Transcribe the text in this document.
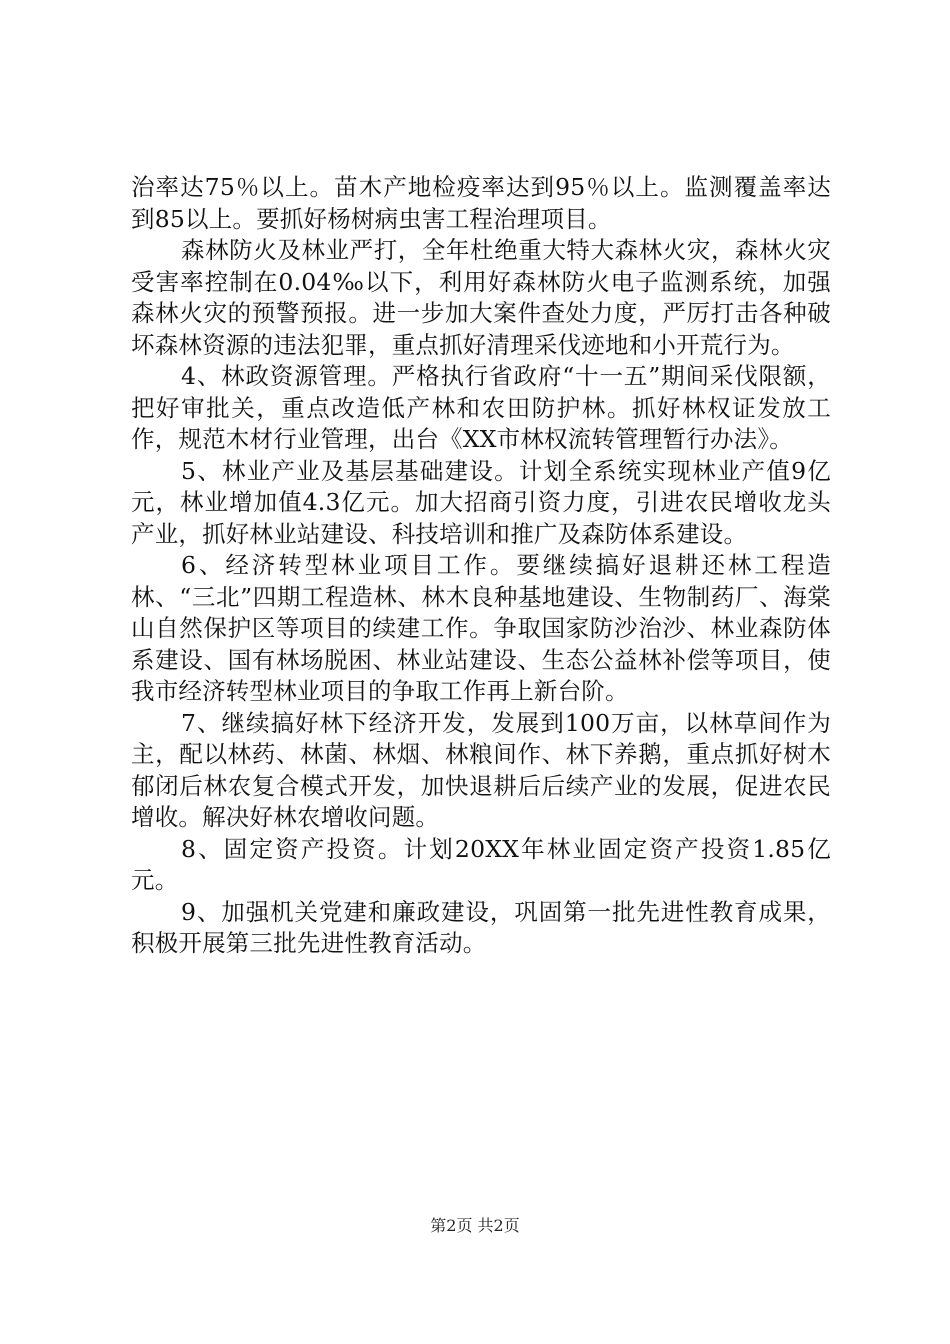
治率达75％以上。苗木产地检疫率达到95％以上。监测覆盖率达到85以上。要抓好杨树病虫害工程治理项目。

森林防火及林业严打，全年杜绝重大特大森林火灾，森林火灾受害率控制在0.04‰以下，利用好森林防火电子监测系统，加强森林火灾的预警预报。进一步加大案件查处力度，严厉打击各种破坏森林资源的违法犯罪，重点抓好清理采伐迹地和小开荒行为。

4、林政资源管理。严格执行省政府“十一五”期间采伐限额，把好审批关，重点改造低产林和农田防护林。抓好林权证发放工作，规范木材行业管理，出台《XX市林权流转管理暂行办法》。

5、林业产业及基层基础建设。计划全系统实现林业产值9亿元，林业增加值4.3亿元。加大招商引资力度，引进农民增收龙头产业，抓好林业站建设、科技培训和推广及森防体系建设。

6、经济转型林业项目工作。要继续搞好退耕还林工程造林、“三北”四期工程造林、林木良种基地建设、生物制药厂、海棠山自然保护区等项目的续建工作。争取国家防沙治沙、林业森防体系建设、国有林场脱困、林业站建设、生态公益林补偿等项目，使我市经济转型林业项目的争取工作再上新台阶。

7、继续搞好林下经济开发，发展到100万亩，以林草间作为主，配以林药、林菌、林烟、林粮间作、林下养鹅，重点抓好树木郁闭后林农复合模式开发，加快退耕后后续产业的发展，促进农民增收。解决好林农增收问题。

8、固定资产投资。计划20XX年林业固定资产投资1.85亿元。

9、加强机关党建和廉政建设，巩固第一批先进性教育成果，积极开展第三批先进性教育活动。

第2页 共2页
